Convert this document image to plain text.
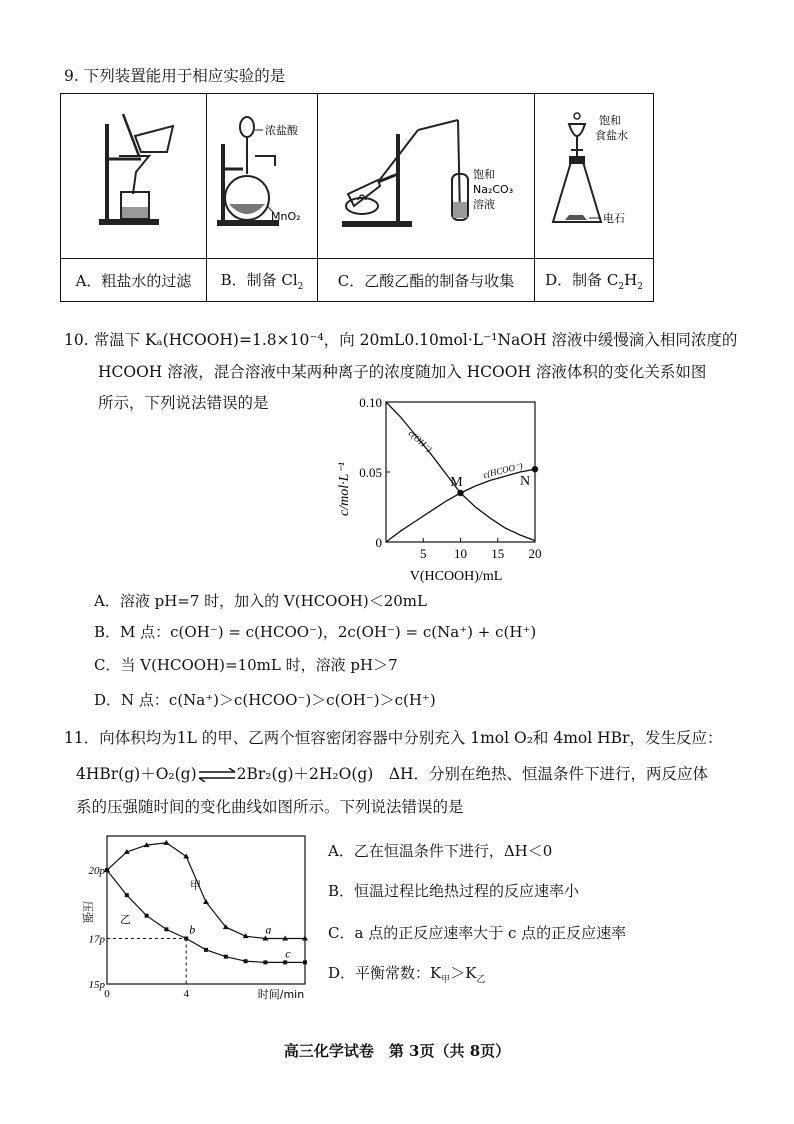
9. 下列装置能用于相应实验的是

浓盐酸
MnO₂	饱和
Na₂CO₃
溶液	饱和
食盐水
电石

A．粗盐水的过滤	B．制备 $Cl_2$	C．乙酸乙酯的制备与收集	D．制备 $C_2H_2$
10. 常温下 Kₐ(HCOOH)=1.8×10⁻⁴，向 20mL0.10mol·L⁻¹NaOH 溶液中缓慢滴入相同浓度的
HCOOH 溶液，混合溶液中某两种离子的浓度随加入 HCOOH 溶液体积的变化关系如图
所示，下列说法错误的是
5 10 15 20
0
0.05
0.10
M	N
V(HCOOH)/mL
c/mol·L⁻¹
c(OH⁻)
c(HCOO⁻)
A．溶液 pH=7 时，加入的 V(HCOOH)＜20mL
B．M 点：c(OH⁻) = c(HCOO⁻)，2c(OH⁻) = c(Na⁺) + c(H⁺)
C．当 V(HCOOH)=10mL 时，溶液 pH＞7
D．N 点：c(Na⁺)＞c(HCOO⁻)＞c(OH⁻)＞c(H⁺)
11．向体积均为1L 的甲、乙两个恒容密闭容器中分别充入 1mol O₂和 4mol HBr，发生反应：
4HBr(g)＋O₂(g)⇌2Br₂(g)＋2H₂O(g)　ΔH．分别在绝热、恒温条件下进行，两反应体
系的压强随时间的变化曲线如图所示。下列说法错误的是
0	4
15p
17p
20p
a
b
c
时间/min
压强
甲
乙
A．乙在恒温条件下进行，ΔH＜0
B．恒温过程比绝热过程的反应速率小
C．a 点的正反应速率大于 c 点的正反应速率
D．平衡常数：$K_甲>K_乙$
高三化学试卷　第 3页（共 8页）
